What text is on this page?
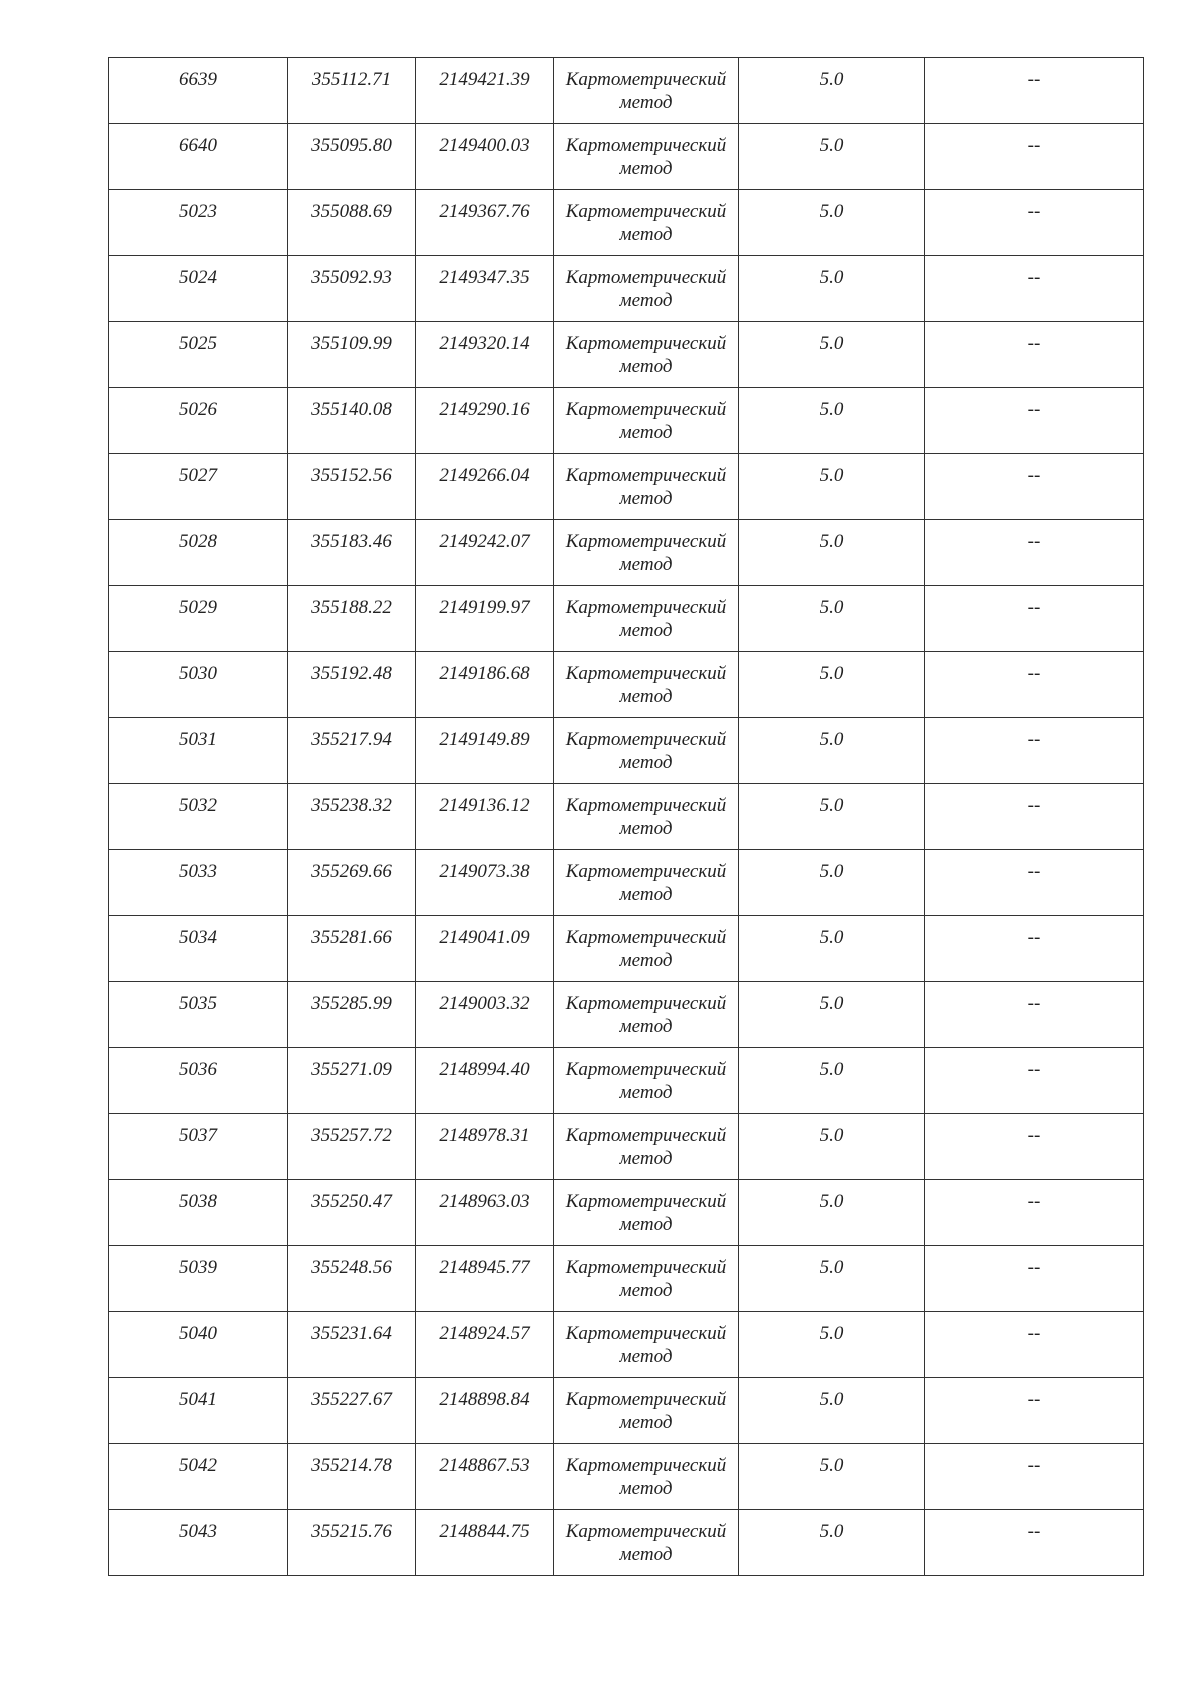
6639	355112.71	2149421.39	Картометрический
метод	5.0	--
6640	355095.80	2149400.03	Картометрический
метод	5.0	--
5023	355088.69	2149367.76	Картометрический
метод	5.0	--
5024	355092.93	2149347.35	Картометрический
метод	5.0	--
5025	355109.99	2149320.14	Картометрический
метод	5.0	--
5026	355140.08	2149290.16	Картометрический
метод	5.0	--
5027	355152.56	2149266.04	Картометрический
метод	5.0	--
5028	355183.46	2149242.07	Картометрический
метод	5.0	--
5029	355188.22	2149199.97	Картометрический
метод	5.0	--
5030	355192.48	2149186.68	Картометрический
метод	5.0	--
5031	355217.94	2149149.89	Картометрический
метод	5.0	--
5032	355238.32	2149136.12	Картометрический
метод	5.0	--
5033	355269.66	2149073.38	Картометрический
метод	5.0	--
5034	355281.66	2149041.09	Картометрический
метод	5.0	--
5035	355285.99	2149003.32	Картометрический
метод	5.0	--
5036	355271.09	2148994.40	Картометрический
метод	5.0	--
5037	355257.72	2148978.31	Картометрический
метод	5.0	--
5038	355250.47	2148963.03	Картометрический
метод	5.0	--
5039	355248.56	2148945.77	Картометрический
метод	5.0	--
5040	355231.64	2148924.57	Картометрический
метод	5.0	--
5041	355227.67	2148898.84	Картометрический
метод	5.0	--
5042	355214.78	2148867.53	Картометрический
метод	5.0	--
5043	355215.76	2148844.75	Картометрический
метод	5.0	--
